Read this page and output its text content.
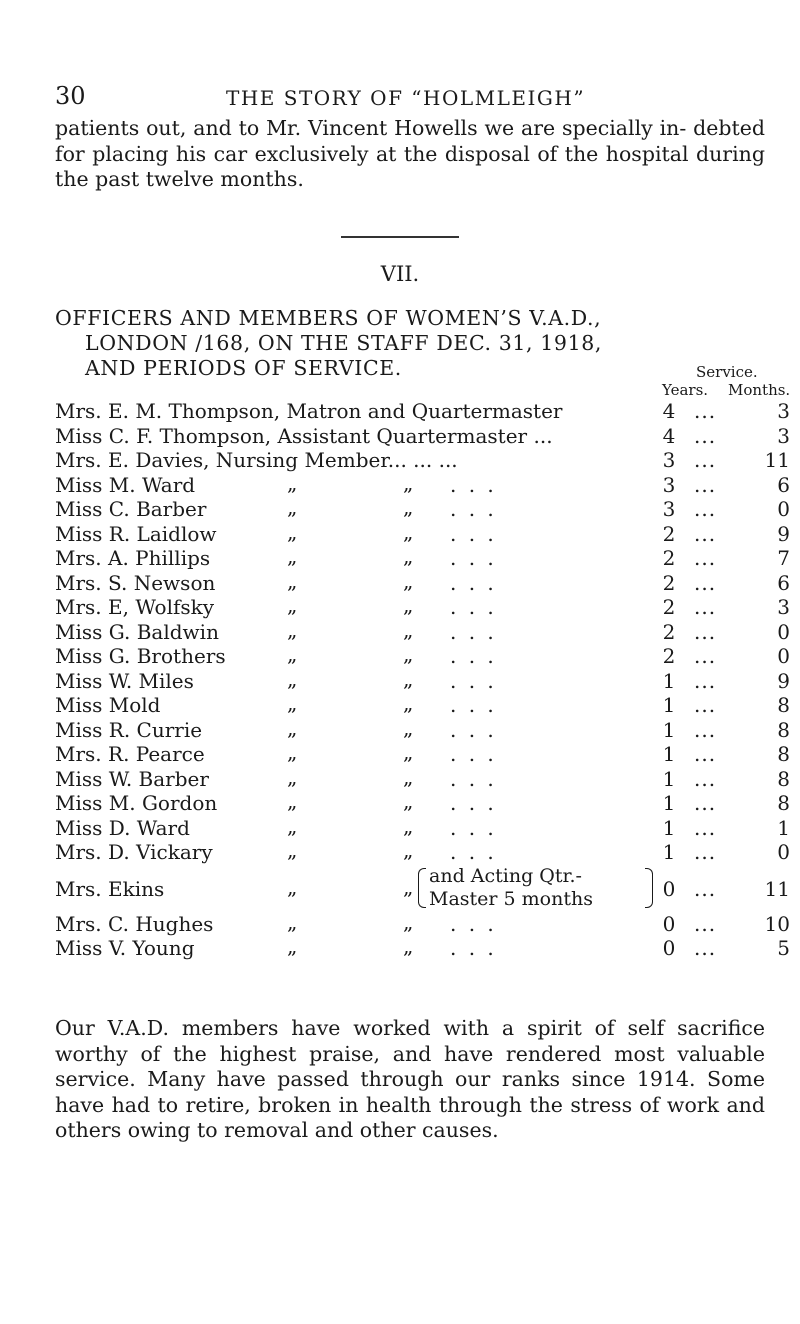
30	THE STORY OF “HOLMLEIGH”

patients out, and to Mr. Vincent Howells we are specially in- debted for placing his car exclusively at the disposal of the hospital during the past twelve months.

VII.
OFFICERS AND MEMBERS OF WOMEN’S V.A.D.,
LONDON /168, ON THE STAFF DEC. 31, 1918,
AND PERIODS OF SERVICE.	Service.
Years. Months.
Mrs. E. M. Thompson, Matron and Quartermaster	4 ...	3
Miss C. F. Thompson, Assistant Quartermaster ...	4 ...	3
Mrs. E. Davies, Nursing Member... ... ...	3 ... 11
Miss M. Ward	„	„ . . .	3 ...	6
Miss C. Barber	„	„ . . .	3 ...	0
Miss R. Laidlow	„	„ . . .	2 ...	9
Mrs. A. Phillips	„	„ . . .	2 ...	7
Mrs. S. Newson	„	„ . . .	2 ...	6
Mrs. E, Wolfsky	„	„ . . .	2 ...	3
Miss G. Baldwin	„	„ . . .	2 ...	0
Miss G. Brothers	„	„ . . .	2 ...	0
Miss W. Miles	„	„ . . .	1 ...	9
Miss Mold	„	„ . . .	1 ...	8
Miss R. Currie	„	„ . . .	1 ...	8
Mrs. R. Pearce	„	„ . . .	1 ...	8
Miss W. Barber	„	„ . . .	1 ...	8
Miss M. Gordon	„	„ . . .	1 ...	8
Miss D. Ward	„	„ . . .	1 ...	1
Mrs. D. Vickary	„	„ . . .	1 ...	0
Mrs. Ekins	„	„ and Acting Qtr.-
Master 5 months	0 ... 11
Mrs. C. Hughes	„	„ . . .	0 ... 10
Miss V. Young	„	„ . . .	0 ...	5

Our V.A.D. members have worked with a spirit of self sacrifice worthy of the highest praise, and have rendered most valuable service. Many have passed through our ranks since 1914. Some have had to retire, broken in health through the stress of work and others owing to removal and other causes.
